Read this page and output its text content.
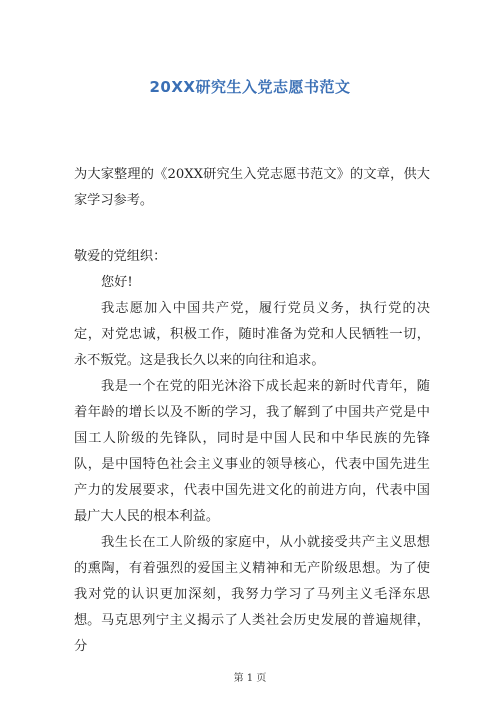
20XX研究生入党志愿书范文

为大家整理的《20XX研究生入党志愿书范文》的文章，供大家学习参考。

敬爱的党组织：

您好!

我志愿加入中国共产党，履行党员义务，执行党的决定，对党忠诚，积极工作，随时准备为党和人民牺牲一切，永不叛党。这是我长久以来的向往和追求。

我是一个在党的阳光沐浴下成长起来的新时代青年，随着年龄的增长以及不断的学习，我了解到了中国共产党是中国工人阶级的先锋队，同时是中国人民和中华民族的先锋队，是中国特色社会主义事业的领导核心，代表中国先进生产力的发展要求，代表中国先进文化的前进方向，代表中国最广大人民的根本利益。

我生长在工人阶级的家庭中，从小就接受共产主义思想的熏陶，有着强烈的爱国主义精神和无产阶级思想。为了使我对党的认识更加深刻，我努力学习了马列主义毛泽东思想。 马克思列宁主义揭示了人类社会历史发展的普遍规律，分

第 1 页
